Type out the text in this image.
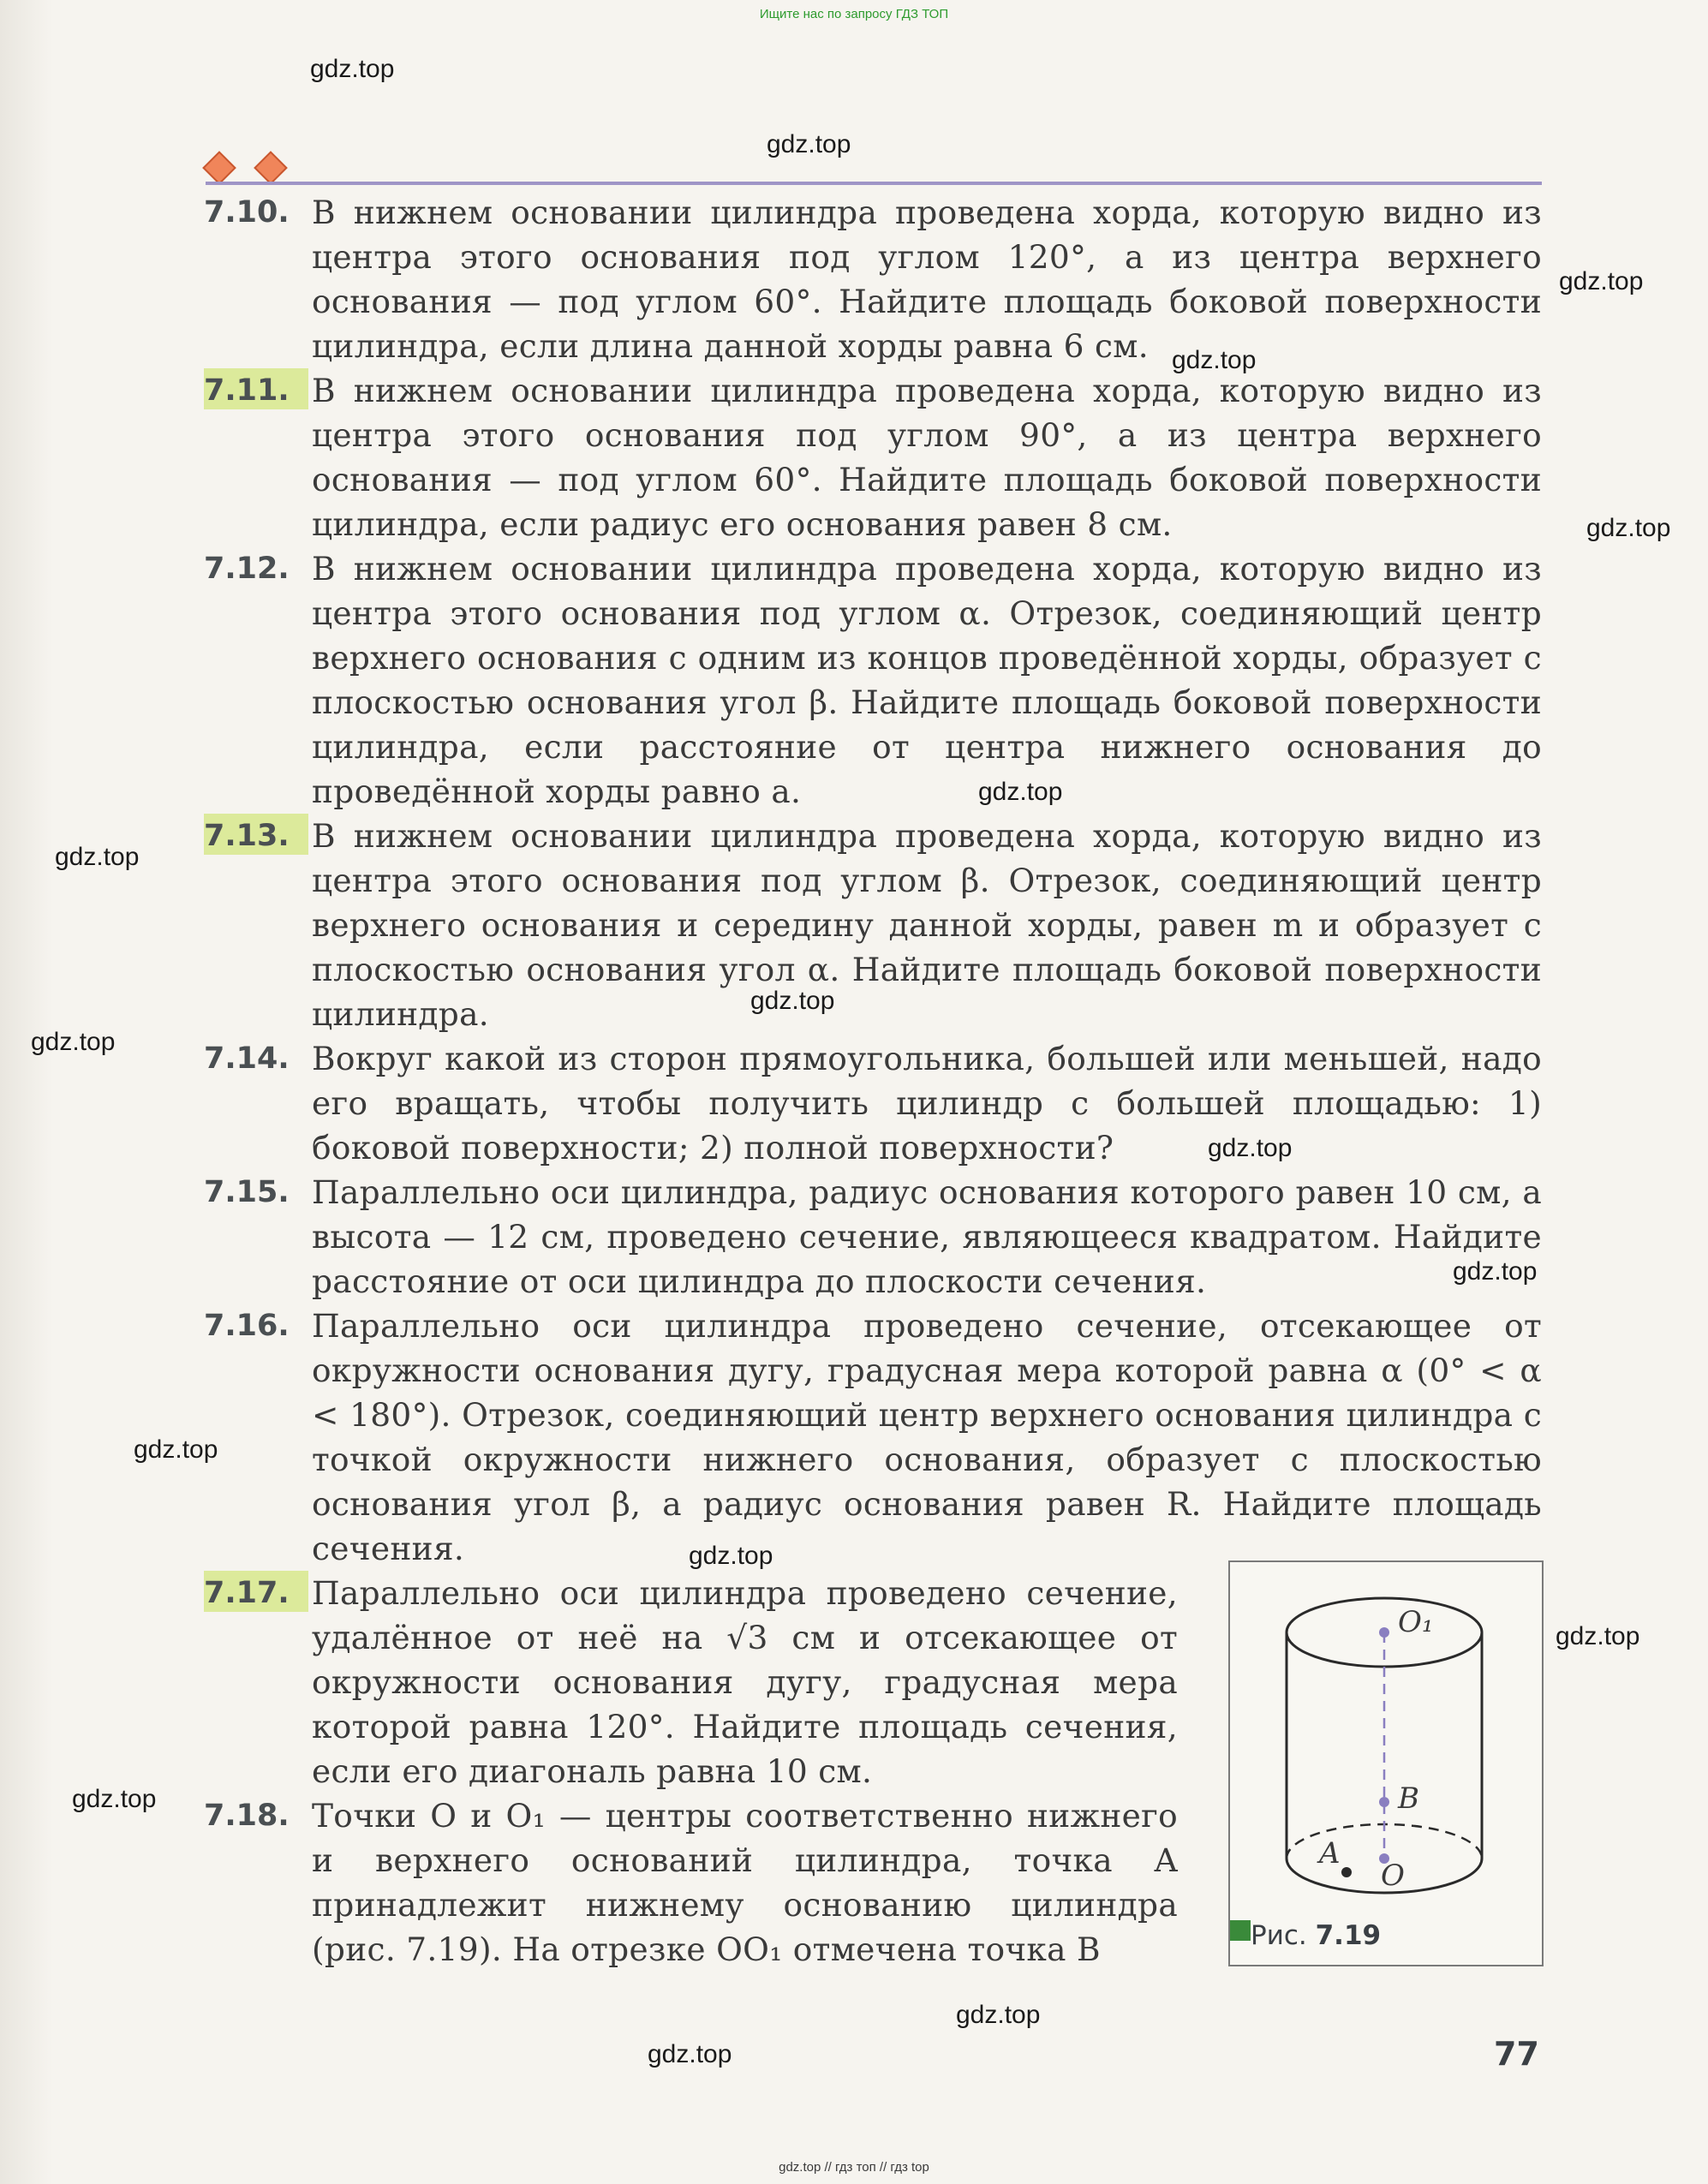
Ищите нас по запросу ГДЗ ТОП
gdz.top
gdz.top
gdz.top
gdz.top
gdz.top
gdz.top
gdz.top
gdz.top
gdz.top
gdz.top
gdz.top
gdz.top
gdz.top
gdz.top
gdz.top
gdz.top
gdz.top
7.10. В нижнем основании цилиндра проведена хорда, которую видно из центра этого основания под углом 120°, а из центра верхнего основания — под углом 60°. Найдите площадь боковой поверхности цилиндра, если длина данной хорды равна 6 см.
7.11. В нижнем основании цилиндра проведена хорда, которую видно из центра этого основания под углом 90°, а из центра верхнего основания — под углом 60°. Найдите площадь боковой поверхности цилиндра, если радиус его основания равен 8 см.
7.12. В нижнем основании цилиндра проведена хорда, которую видно из центра этого основания под углом α. Отрезок, соединяющий центр верхнего основания с одним из концов проведённой хорды, образует с плоскостью основания угол β. Найдите площадь боковой поверхности цилиндра, если расстояние от центра нижнего основания до проведённой хорды равно a.
7.13. В нижнем основании цилиндра проведена хорда, которую видно из центра этого основания под углом β. Отрезок, соединяющий центр верхнего основания и середину данной хорды, равен m и образует с плоскостью основания угол α. Найдите площадь боковой поверхности цилиндра.
7.14. Вокруг какой из сторон прямоугольника, большей или меньшей, надо его вращать, чтобы получить цилиндр с большей площадью: 1) боковой поверхности; 2) полной поверхности?
7.15. Параллельно оси цилиндра, радиус основания которого равен 10 см, а высота — 12 см, проведено сечение, являющееся квадратом. Найдите расстояние от оси цилиндра до плоскости сечения.
7.16. Параллельно оси цилиндра проведено сечение, отсекающее от окружности основания дугу, градусная мера которой равна α (0° < α < 180°). Отрезок, соединяющий центр верхнего основания цилиндра с точкой окружности нижнего основания, образует с плоскостью основания угол β, а радиус основания равен R. Найдите площадь сечения.
7.17. Параллельно оси цилиндра проведено сечение, удалённое от неё на √3 см и отсекающее от окружности основания дугу, градусная мера которой равна 120°. Найдите площадь сечения, если его диагональ равна 10 см.
7.18. Точки O и O₁ — центры соответственно нижнего и верхнего оснований цилиндра, точка A принадлежит нижнему основанию цилиндра (рис. 7.19). На отрезке OO₁ отмечена точка B
O₁
B
O
A
Рис. 7.19
77
gdz.top // гдз топ // гдз top
